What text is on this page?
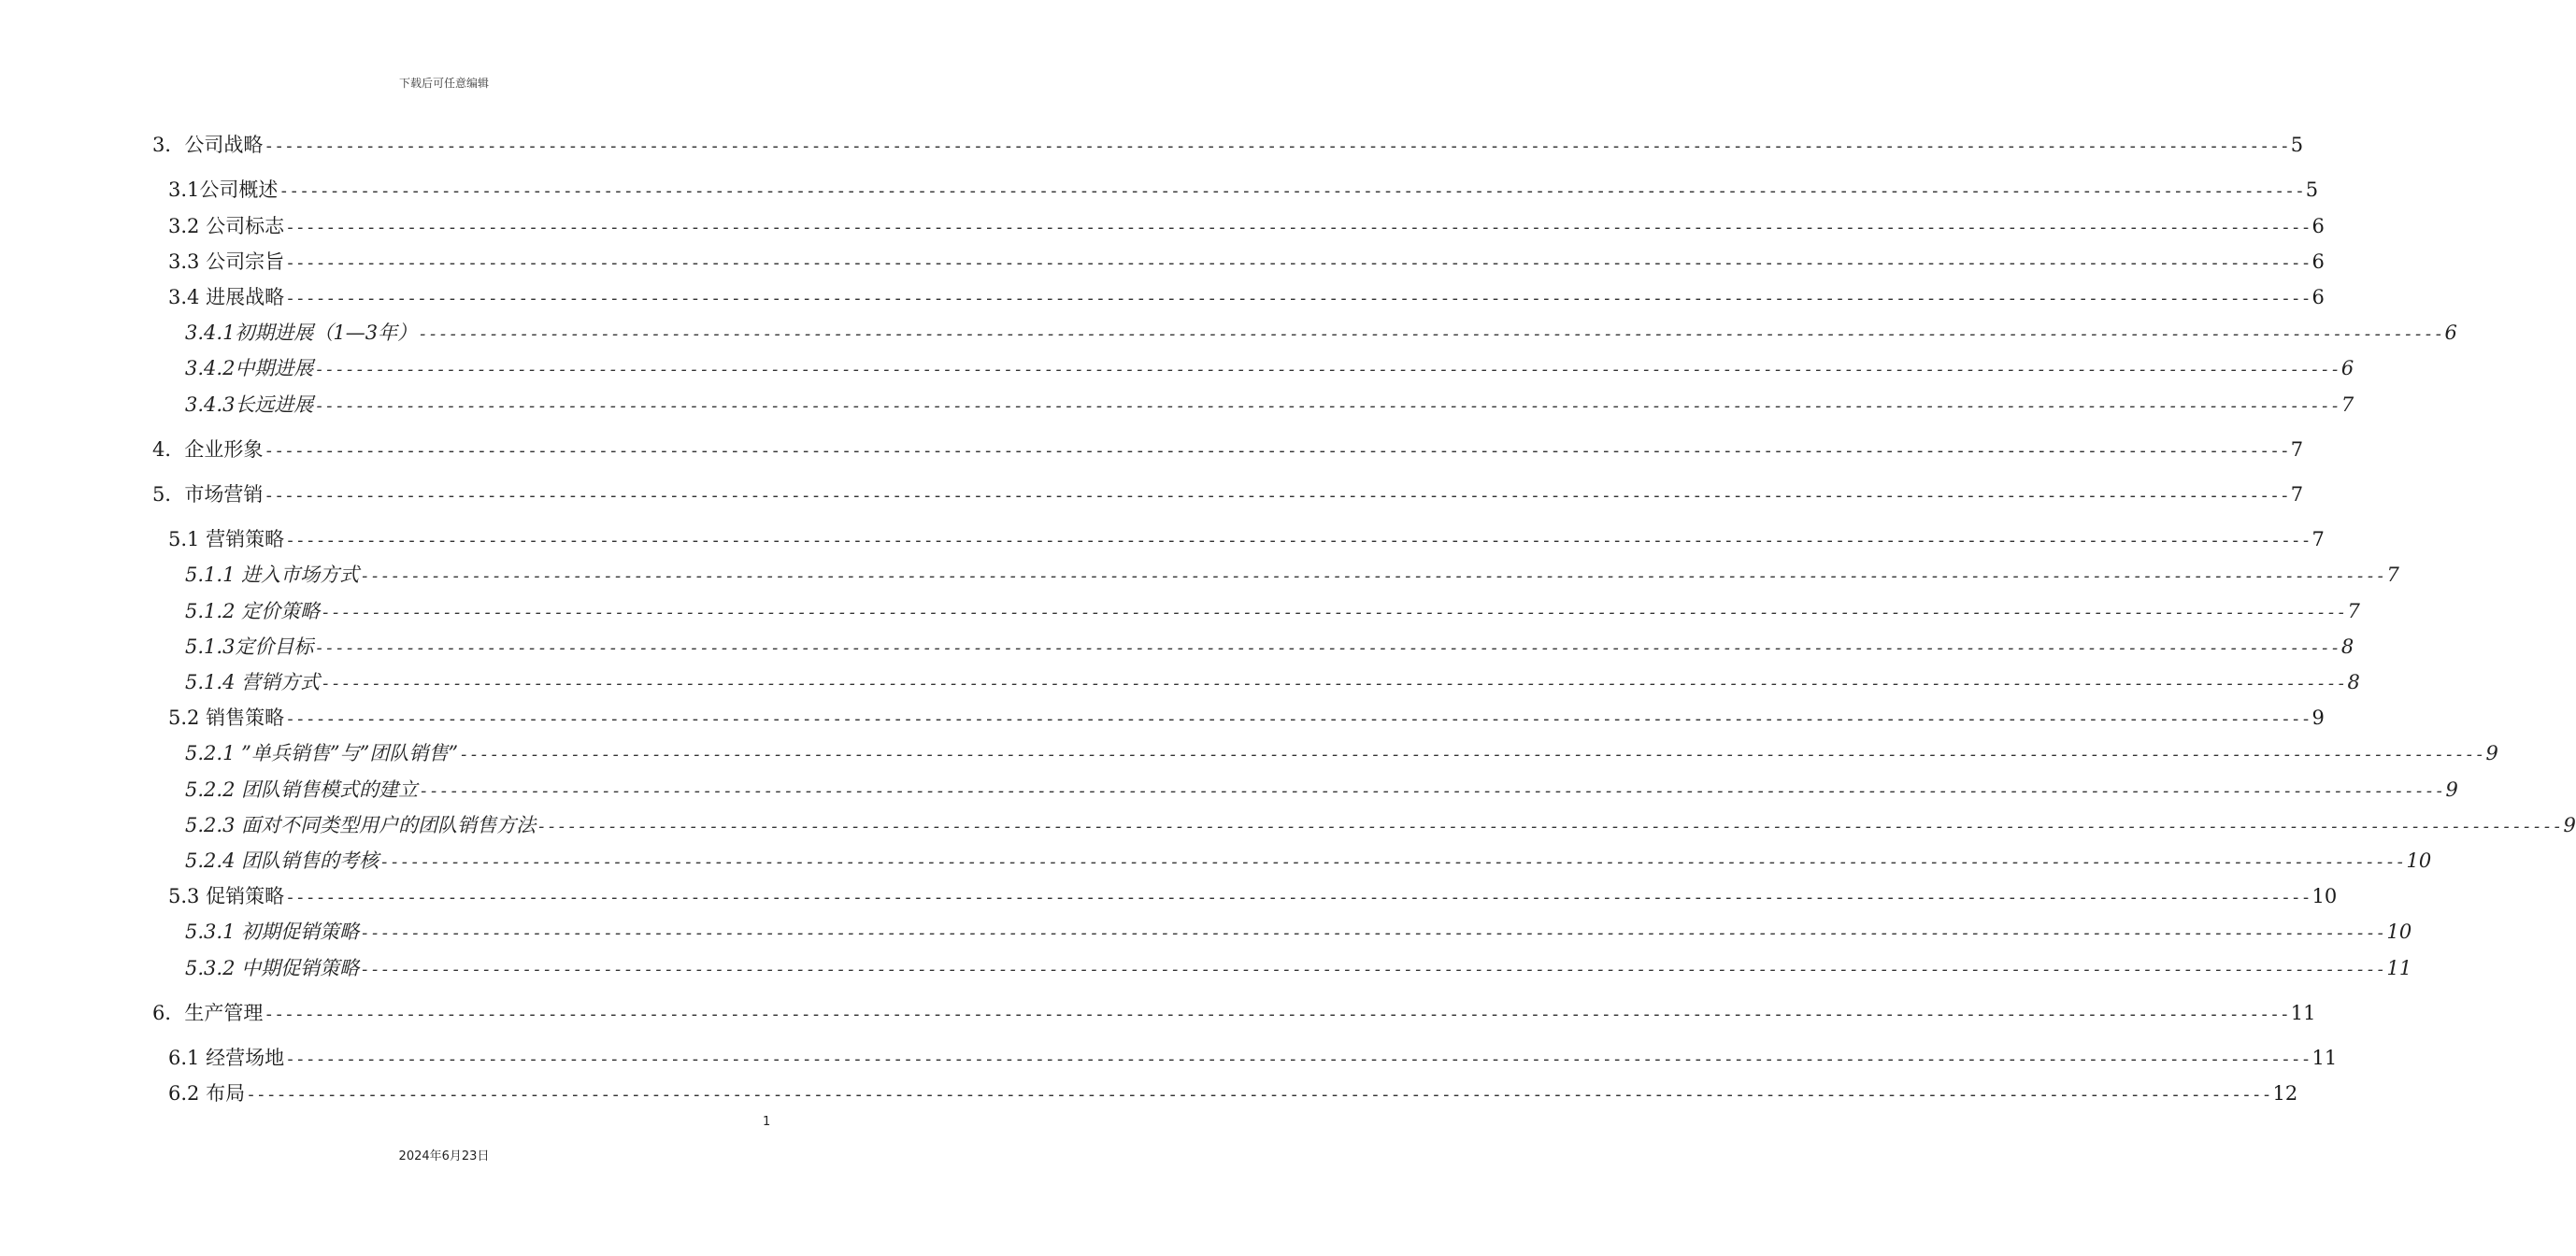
下载后可任意编辑
3．公司战略 -------------------------------------------------------------------------------------------------------------------------------------------------------------------------------------------------------- 5
3.1公司概述 -------------------------------------------------------------------------------------------------------------------------------------------------------------------------------------------------------- 5
3.2 公司标志 -------------------------------------------------------------------------------------------------------------------------------------------------------------------------------------------------------- 6
3.3 公司宗旨 -------------------------------------------------------------------------------------------------------------------------------------------------------------------------------------------------------- 6
3.4 进展战略 -------------------------------------------------------------------------------------------------------------------------------------------------------------------------------------------------------- 6
3.4.1初期进展（1—3年） -------------------------------------------------------------------------------------------------------------------------------------------------------------------------------------------------------- 6
3.4.2中期进展 -------------------------------------------------------------------------------------------------------------------------------------------------------------------------------------------------------- 6
3.4.3长远进展 -------------------------------------------------------------------------------------------------------------------------------------------------------------------------------------------------------- 7
4．企业形象 -------------------------------------------------------------------------------------------------------------------------------------------------------------------------------------------------------- 7
5．市场营销 -------------------------------------------------------------------------------------------------------------------------------------------------------------------------------------------------------- 7
5.1 营销策略 -------------------------------------------------------------------------------------------------------------------------------------------------------------------------------------------------------- 7
5.1.1 进入市场方式 -------------------------------------------------------------------------------------------------------------------------------------------------------------------------------------------------------- 7
5.1.2 定价策略 -------------------------------------------------------------------------------------------------------------------------------------------------------------------------------------------------------- 7
5.1.3定价目标 -------------------------------------------------------------------------------------------------------------------------------------------------------------------------------------------------------- 8
5.1.4 营销方式 -------------------------------------------------------------------------------------------------------------------------------------------------------------------------------------------------------- 8
5.2 销售策略 -------------------------------------------------------------------------------------------------------------------------------------------------------------------------------------------------------- 9
5.2.1 ”单兵销售”与”团队销售” -------------------------------------------------------------------------------------------------------------------------------------------------------------------------------------------------------- 9
5.2.2 团队销售模式的建立 -------------------------------------------------------------------------------------------------------------------------------------------------------------------------------------------------------- 9
5.2.3 面对不同类型用户的团队销售方法 -------------------------------------------------------------------------------------------------------------------------------------------------------------------------------------------------------- 9
5.2.4 团队销售的考核 -------------------------------------------------------------------------------------------------------------------------------------------------------------------------------------------------------- 10
5.3 促销策略 -------------------------------------------------------------------------------------------------------------------------------------------------------------------------------------------------------- 10
5.3.1 初期促销策略 -------------------------------------------------------------------------------------------------------------------------------------------------------------------------------------------------------- 10
5.3.2 中期促销策略 -------------------------------------------------------------------------------------------------------------------------------------------------------------------------------------------------------- 11
6．生产管理 -------------------------------------------------------------------------------------------------------------------------------------------------------------------------------------------------------- 11
6.1 经营场地 -------------------------------------------------------------------------------------------------------------------------------------------------------------------------------------------------------- 11
6.2 布局 -------------------------------------------------------------------------------------------------------------------------------------------------------------------------------------------------------- 12
1
2024年6月23日
